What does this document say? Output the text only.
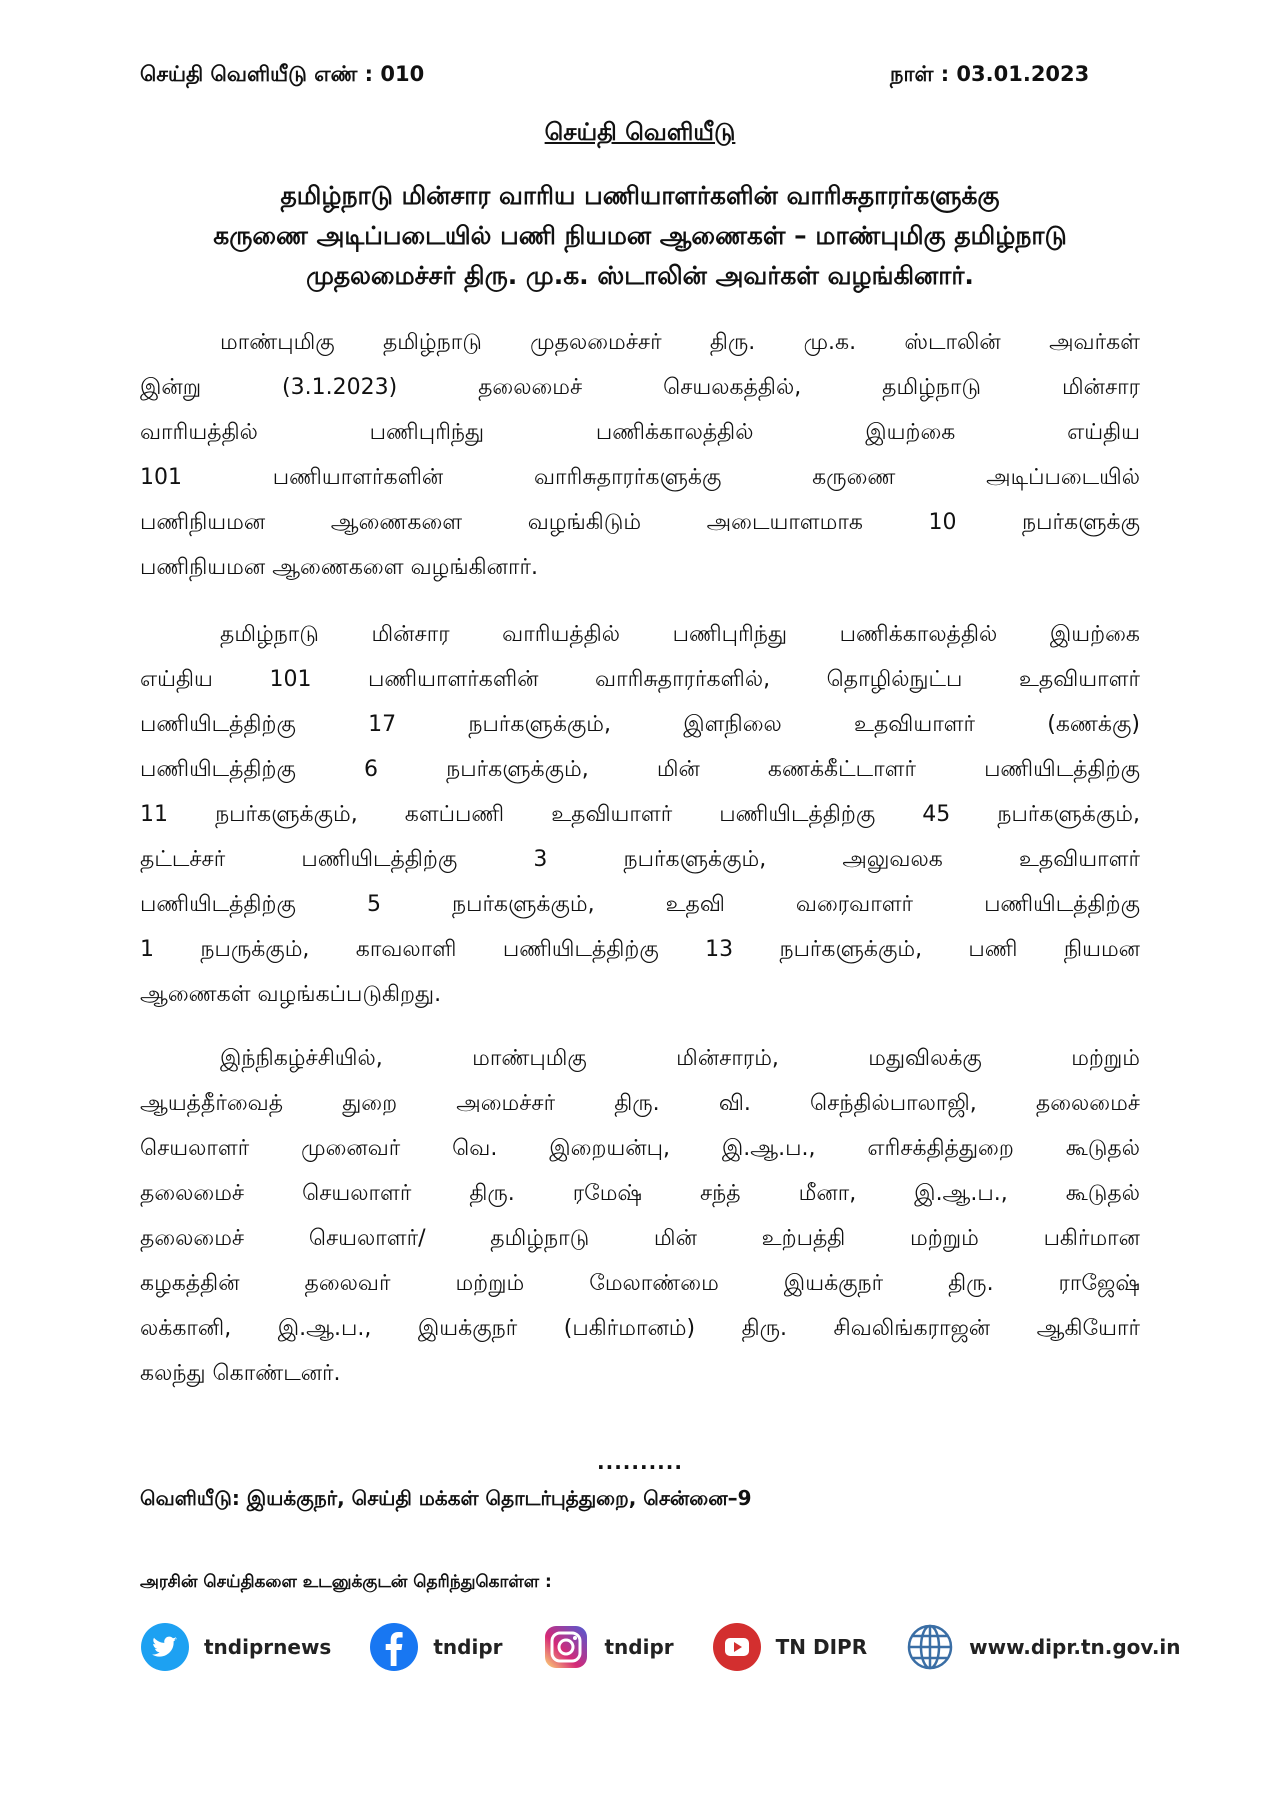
செய்தி வெளியீடு எண் : 010	நாள் : 03.01.2023
செய்தி வெளியீடு
தமிழ்நாடு மின்சார வாரிய பணியாளர்களின் வாரிசுதாரர்களுக்கு
கருணை அடிப்படையில் பணி நியமன ஆணைகள் – மாண்புமிகு தமிழ்நாடு
முதலமைச்சர் திரு. மு.க. ஸ்டாலின் அவர்கள் வழங்கினார்.
மாண்புமிகு தமிழ்நாடு முதலமைச்சர் திரு. மு.க. ஸ்டாலின் அவர்கள்
இன்று (3.1.2023) தலைமைச் செயலகத்தில், தமிழ்நாடு மின்சார
வாரியத்தில் பணிபுரிந்து பணிக்காலத்தில் இயற்கை எய்திய
101 பணியாளர்களின் வாரிசுதாரர்களுக்கு கருணை அடிப்படையில்
பணிநியமன ஆணைகளை வழங்கிடும் அடையாளமாக 10 நபர்களுக்கு
பணிநியமன ஆணைகளை வழங்கினார்.
தமிழ்நாடு மின்சார வாரியத்தில் பணிபுரிந்து பணிக்காலத்தில் இயற்கை
எய்திய 101 பணியாளர்களின் வாரிசுதாரர்களில், தொழில்நுட்ப உதவியாளர்
பணியிடத்திற்கு 17 நபர்களுக்கும், இளநிலை உதவியாளர் (கணக்கு)
பணியிடத்திற்கு 6 நபர்களுக்கும், மின் கணக்கீட்டாளர் பணியிடத்திற்கு
11 நபர்களுக்கும், களப்பணி உதவியாளர் பணியிடத்திற்கு 45 நபர்களுக்கும்,
தட்டச்சர் பணியிடத்திற்கு 3 நபர்களுக்கும், அலுவலக உதவியாளர்
பணியிடத்திற்கு 5 நபர்களுக்கும், உதவி வரைவாளர் பணியிடத்திற்கு
1 நபருக்கும், காவலாளி பணியிடத்திற்கு 13 நபர்களுக்கும், பணி நியமன
ஆணைகள் வழங்கப்படுகிறது.
இந்நிகழ்ச்சியில், மாண்புமிகு மின்சாரம், மதுவிலக்கு மற்றும்
ஆயத்தீர்வைத் துறை அமைச்சர் திரு. வி. செந்தில்பாலாஜி, தலைமைச்
செயலாளர் முனைவர் வெ. இறையன்பு, இ.ஆ.ப., எரிசக்தித்துறை கூடுதல்
தலைமைச் செயலாளர் திரு. ரமேஷ் சந்த் மீனா, இ.ஆ.ப., கூடுதல்
தலைமைச் செயலாளர்/ தமிழ்நாடு மின் உற்பத்தி மற்றும் பகிர்மான
கழகத்தின் தலைவர் மற்றும் மேலாண்மை இயக்குநர் திரு. ராஜேஷ்
லக்கானி, இ.ஆ.ப., இயக்குநர் (பகிர்மானம்) திரு. சிவலிங்கராஜன் ஆகியோர்
கலந்து கொண்டனர்.
..........
வெளியீடு: இயக்குநர், செய்தி மக்கள் தொடர்புத்துறை, சென்னை–9
அரசின் செய்திகளை உடனுக்குடன் தெரிந்துகொள்ள :
tndiprnews	tndipr	tndipr	TN DIPR	www.dipr.tn.gov.in
